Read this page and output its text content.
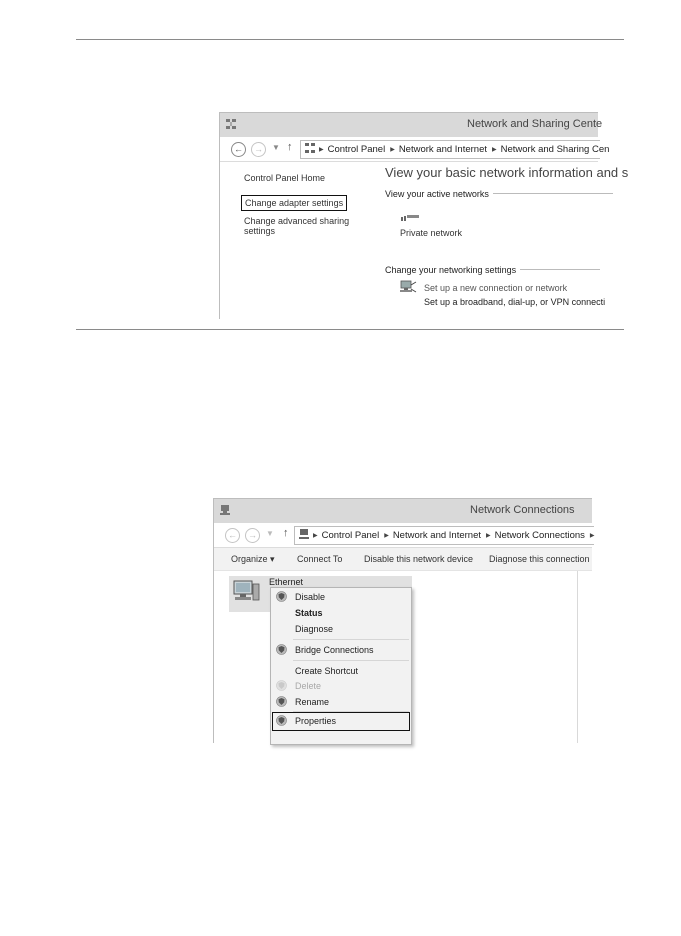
Network and Sharing Cente
←	→	▼ ↑	▶ Control Panel ▶ Network and Internet ▶ Network and Sharing Cen
Control Panel Home
Change adapter settings
Change advanced sharing
settings
View your basic network information and s
View your active networks
Private network
Change your networking settings
Set up a new connection or network
Set up a broadband, dial-up, or VPN connecti
Network Connections
←	→	▼ ↑	▶ Control Panel ▶ Network and Internet ▶ Network Connections ▶
Organize ▾ Connect To Disable this network device Diagnose this connection
Ethernet
Disable
Status
Diagnose
Bridge Connections
Create Shortcut
Delete
Rename
Properties
